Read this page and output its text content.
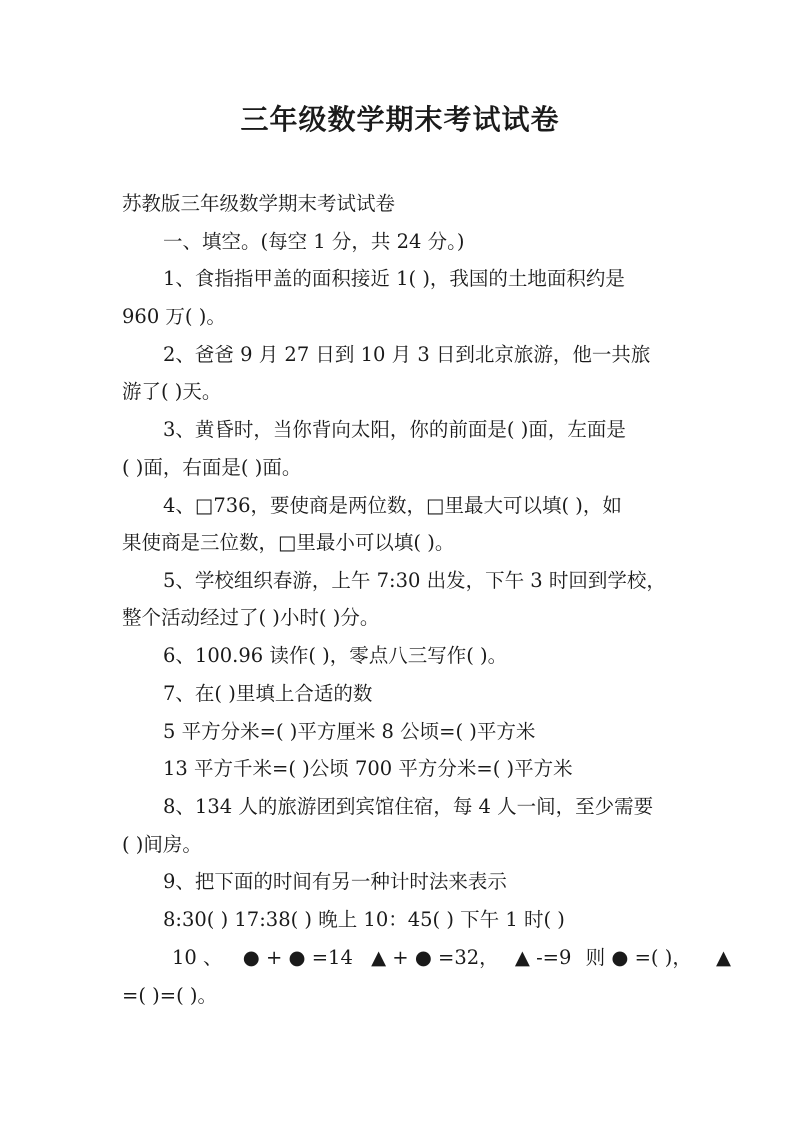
三年级数学期末考试试卷
苏教版三年级数学期末考试试卷
一、填空。(每空 1 分，共 24 分。)
1、食指指甲盖的面积接近 1( )，我国的土地面积约是
960 万( )。
2、爸爸 9 月 27 日到 10 月 3 日到北京旅游，他一共旅
游了( )天。
3、黄昏时，当你背向太阳，你的前面是( )面，左面是
( )面，右面是( )面。
4、□736，要使商是两位数，□里最大可以填( )，如
果使商是三位数，□里最小可以填( )。
5、学校组织春游，上午 7:30 出发，下午 3 时回到学校，
整个活动经过了( )小时( )分。
6、100.96 读作( )，零点八三写作( )。
7、在( )里填上合适的数
5 平方分米=( )平方厘米 8 公顷=( )平方米
13 平方千米=( )公顷 700 平方分米=( )平方米
8、134 人的旅游团到宾馆住宿，每 4 人一间，至少需要
( )间房。
9、把下面的时间有另一种计时法来表示
8:30( ) 17:38( ) 晚上 10：45( ) 下午 1 时( )
10 、 ● + ● =14 ▲ + ● =32， ▲ -=9 则 ● =( )， ▲
=( )=( )。
